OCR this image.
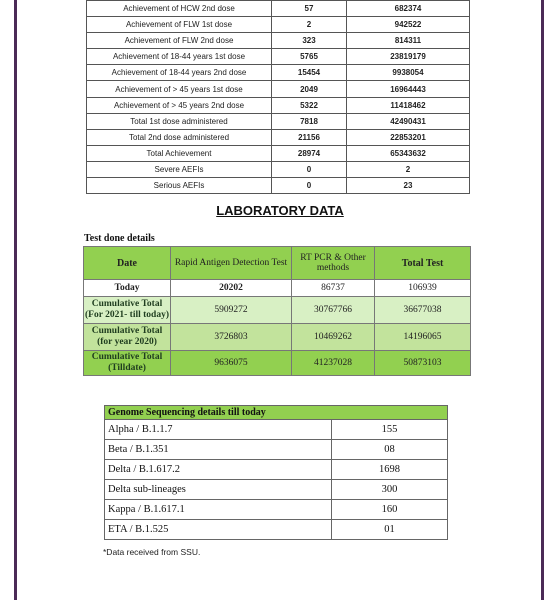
Achievement of HCW 2nd dose	57	682374
Achievement of FLW 1st dose	2	942522
Achievement of FLW 2nd dose	323	814311
Achievement of 18-44 years 1st dose	5765	23819179
Achievement of 18-44 years 2nd dose	15454	9938054
Achievement of > 45 years 1st dose	2049	16964443
Achievement of > 45 years 2nd dose	5322	11418462
Total 1st dose administered	7818	42490431
Total 2nd dose administered	21156	22853201
Total Achievement	28974	65343632
Severe AEFIs	0	2
Serious AEFIs	0	23
LABORATORY DATA
Test done details
Date	Rapid Antigen Detection Test	RT PCR & Other methods	Total Test
Today	20202	86737	106939
Cumulative Total (For 2021- till today)	5909272	30767766	36677038
Cumulative Total (for year 2020)	3726803	10469262	14196065
Cumulative Total (Tilldate)	9636075	41237028	50873103
Genome Sequencing details till today	
Alpha / B.1.1.7	155
Beta / B.1.351	08
Delta / B.1.617.2	1698
Delta sub-lineages	300
Kappa / B.1.617.1	160
ETA / B.1.525	01
*Data received from SSU.
